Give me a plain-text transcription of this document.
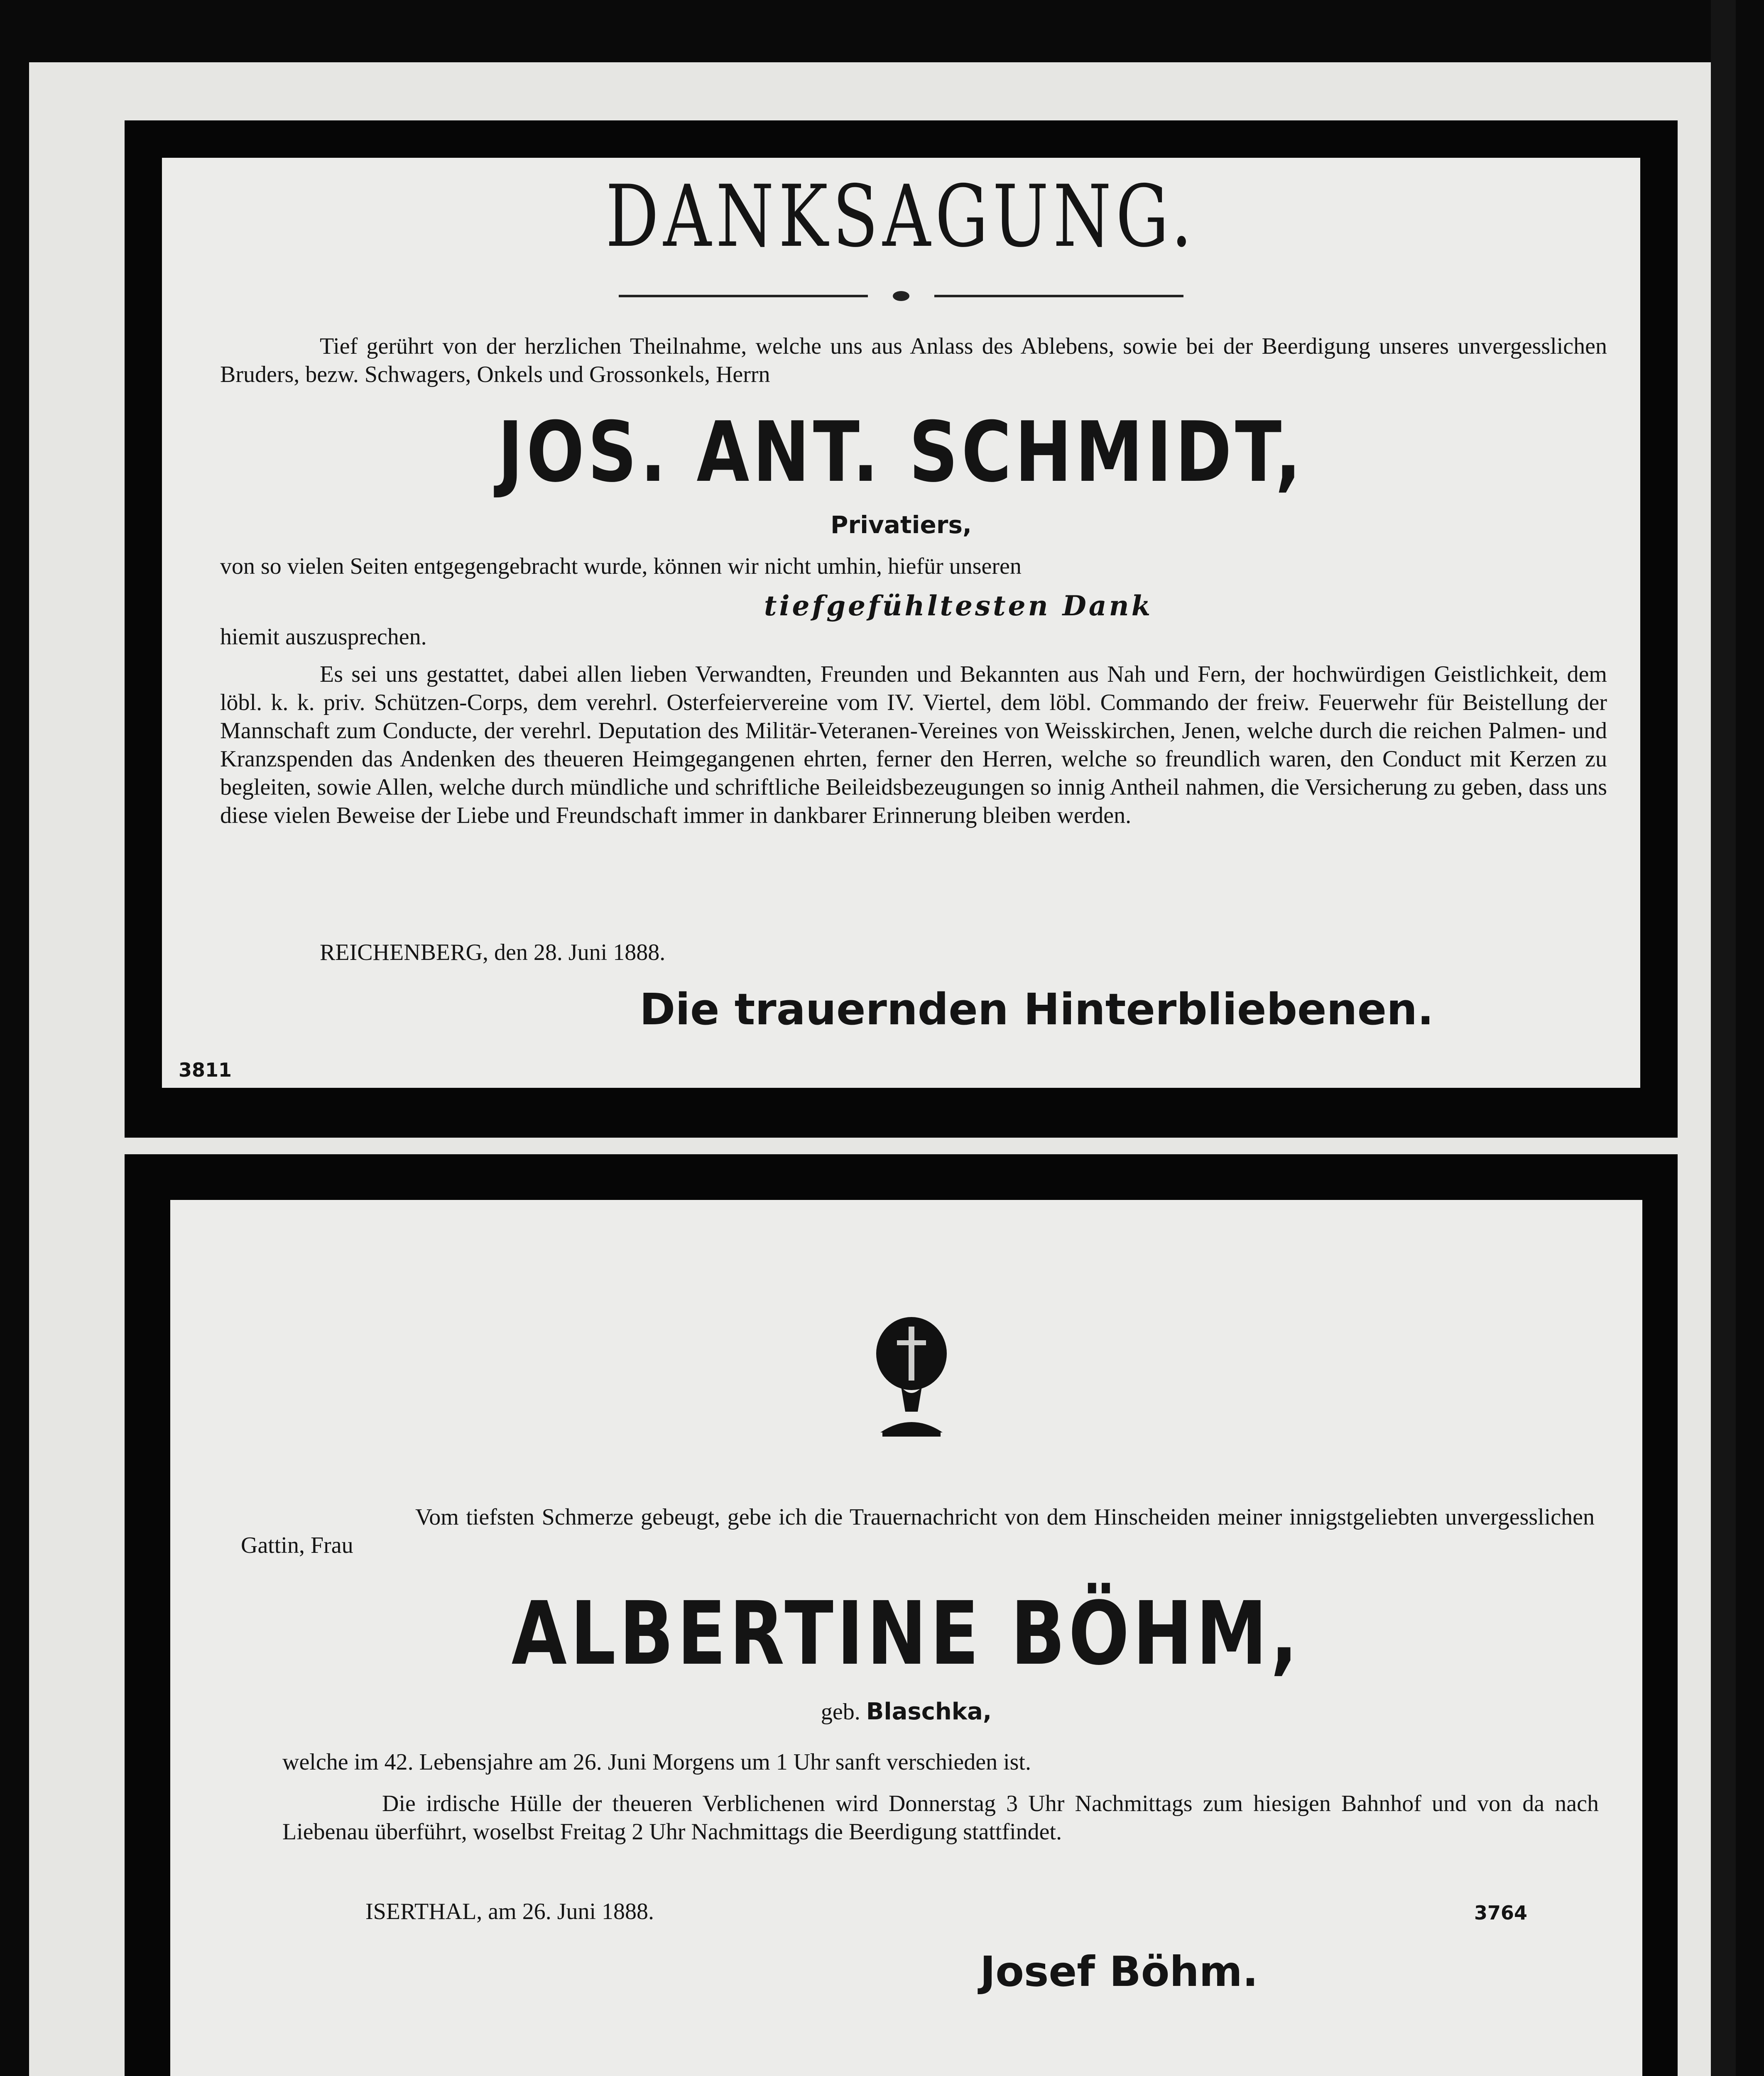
DANKSAGUNG.

Tief gerührt von der herzlichen Theilnahme, welche uns aus Anlass des Ablebens, sowie bei der Beerdigung unseres unvergesslichen Bruders, bezw. Schwagers, Onkels und Grossonkels, Herrn

JOS. ANT. SCHMIDT,
Privatiers,

von so vielen Seiten entgegengebracht wurde, können wir nicht umhin, hiefür unseren

tiefgefühltesten Dank

hiemit auszusprechen.

Es sei uns gestattet, dabei allen lieben Verwandten, Freunden und Bekannten aus Nah und Fern, der hochwürdigen Geistlichkeit, dem löbl. k. k. priv. Schützen-Corps, dem verehrl. Osterfeiervereine vom IV. Viertel, dem löbl. Commando der freiw. Feuerwehr für Beistellung der Mannschaft zum Conducte, der verehrl. Deputation des Militär-Veteranen-Vereines von Weisskirchen, Jenen, welche durch die reichen Palmen- und Kranzspenden das Andenken des theueren Heimgegangenen ehrten, ferner den Herren, welche so freundlich waren, den Conduct mit Kerzen zu begleiten, sowie Allen, welche durch mündliche und schriftliche Beileidsbezeugungen so innig Antheil nahmen, die Versicherung zu geben, dass uns diese vielen Beweise der Liebe und Freundschaft immer in dankbarer Erinnerung bleiben werden.

REICHENBERG, den 28. Juni 1888.

Die trauernden Hinterbliebenen.
3811

Vom tiefsten Schmerze gebeugt, gebe ich die Trauernachricht von dem Hinscheiden meiner innigstgeliebten unvergesslichen Gattin, Frau

ALBERTINE BÖHM,
geb. Blaschka,

welche im 42. Lebensjahre am 26. Juni Morgens um 1 Uhr sanft verschieden ist.

Die irdische Hülle der theueren Verblichenen wird Donnerstag 3 Uhr Nachmittags zum hiesigen Bahnhof und von da nach Liebenau überführt, woselbst Freitag 2 Uhr Nachmittags die Beerdigung stattfindet.

ISERTHAL, am 26. Juni 1888.	3764
Josef Böhm.
